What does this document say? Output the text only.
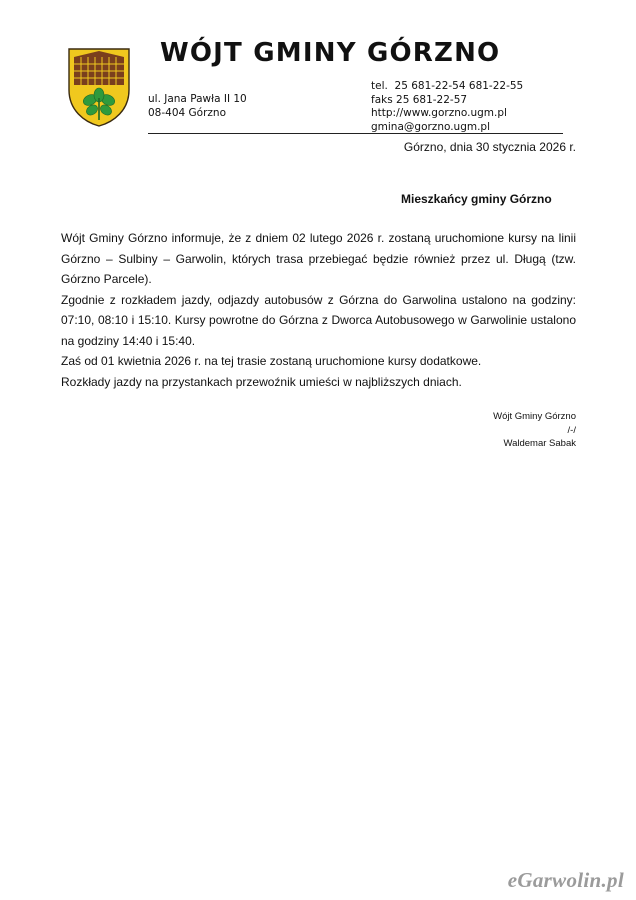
WÓJT GMINY GÓRZNO
ul. Jana Pawła II 10
08-404 Górzno
tel.  25 681-22-54 681-22-55
faks 25 681-22-57
http://www.gorzno.ugm.pl
gmina@gorzno.ugm.pl
Górzno, dnia 30 stycznia 2026 r.
Mieszkańcy gminy Górzno

Wójt Gminy Górzno informuje, że z dniem 02 lutego 2026 r. zostaną uruchomione kursy na linii Górzno – Sulbiny – Garwolin, których trasa przebiegać będzie również przez ul. Długą (tzw. Górzno Parcele).

Zgodnie z rozkładem jazdy, odjazdy autobusów z Górzna do Garwolina ustalono na godziny: 07:10, 08:10 i 15:10. Kursy powrotne do Górzna z Dworca Autobusowego w Garwolinie ustalono na godziny 14:40 i 15:40.

Zaś od 01 kwietnia 2026 r. na tej trasie zostaną uruchomione kursy dodatkowe.

Rozkłady jazdy na przystankach przewoźnik umieści w najbliższych dniach.

Wójt Gminy Górzno
/-/
Waldemar Sabak
eGarwolin.pl
